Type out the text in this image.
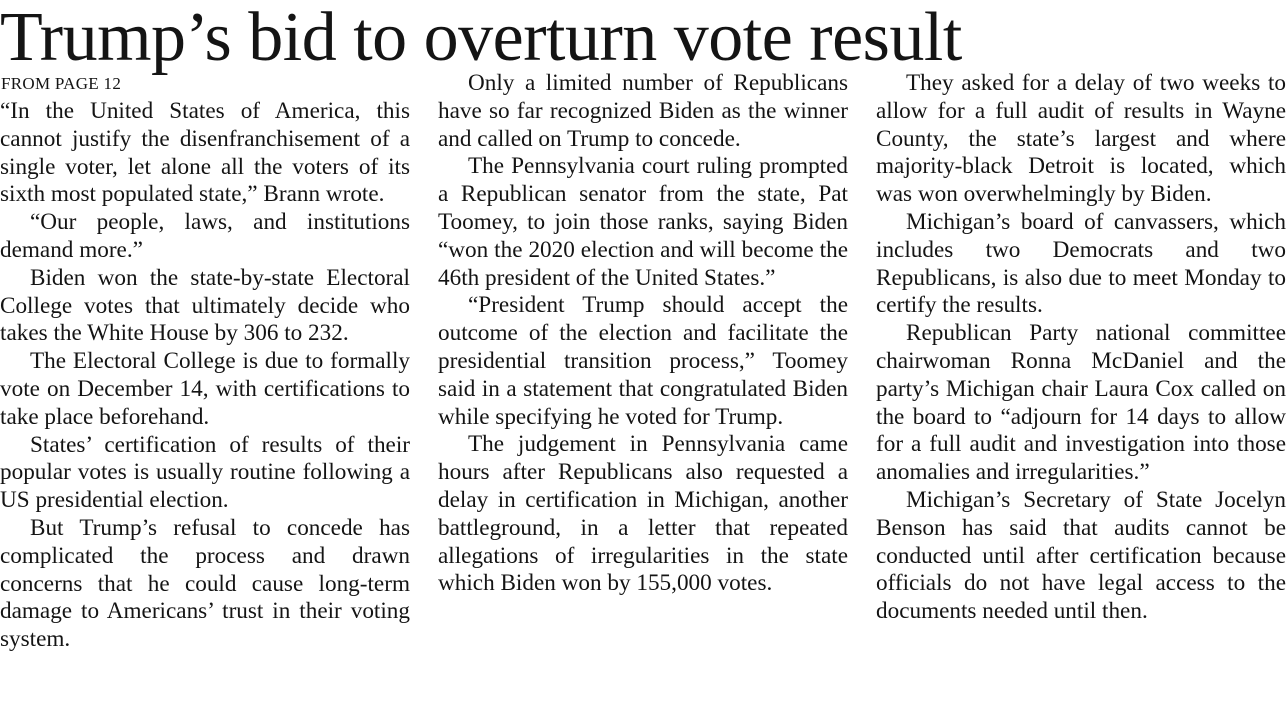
Trump’s bid to overturn vote result
FROM PAGE 12

“In the United States of America, this cannot justify the disenfranchisement of a single voter, let alone all the voters of its sixth most populated state,” Brann wrote.

“Our people, laws, and institutions demand more.”

Biden won the state-by-state Electoral College votes that ultimately decide who takes the White House by 306 to 232.

The Electoral College is due to formally vote on December 14, with certifications to take place beforehand.

States’ certification of results of their popular votes is usually routine following a US presidential election.

But Trump’s refusal to concede has complicated the process and drawn concerns that he could cause long-term damage to Americans’ trust in their voting system.

Only a limited number of Republicans have so far recognized Biden as the winner and called on Trump to concede.

The Pennsylvania court ruling prompted a Republican senator from the state, Pat Toomey, to join those ranks, saying Biden “won the 2020 election and will become the 46th president of the United States.”

“President Trump should accept the outcome of the election and facilitate the presidential transition process,” Toomey said in a statement that congratulated Biden while specifying he voted for Trump.

The judgement in Pennsylvania came hours after Republicans also requested a delay in certification in Michigan, another battleground, in a letter that repeated allegations of irregularities in the state which Biden won by 155,000 votes.

They asked for a delay of two weeks to allow for a full audit of results in Wayne County, the state’s largest and where majority-black Detroit is located, which was won overwhelmingly by Biden.

Michigan’s board of canvassers, which includes two Democrats and two Republicans, is also due to meet Monday to certify the results.

Republican Party national committee chairwoman Ronna McDaniel and the party’s Michigan chair Laura Cox called on the board to “adjourn for 14 days to allow for a full audit and investigation into those anomalies and irregularities.”

Michigan’s Secretary of State Jocelyn Benson has said that audits cannot be conducted until after certification because officials do not have legal access to the documents needed until then.
